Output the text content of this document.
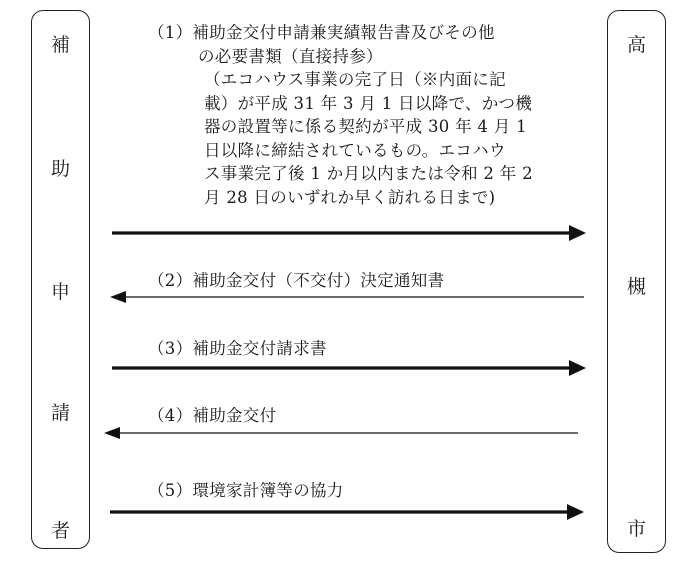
補
助
申
請
者
高
槻
市
（1）補助金交付申請兼実績報告書及びその他
の必要書類（直接持参）
（エコハウス事業の完了日（※内面に記
載）が平成 31 年 3 月 1 日以降で、かつ機
器の設置等に係る契約が平成 30 年 4 月 1
日以降に締結されているもの。エコハウ
ス事業完了後 1 か月以内または令和 2 年 2
月 28 日のいずれか早く訪れる日まで)
（2）補助金交付（不交付）決定通知書
（3）補助金交付請求書
（4）補助金交付
（5）環境家計簿等の協力
